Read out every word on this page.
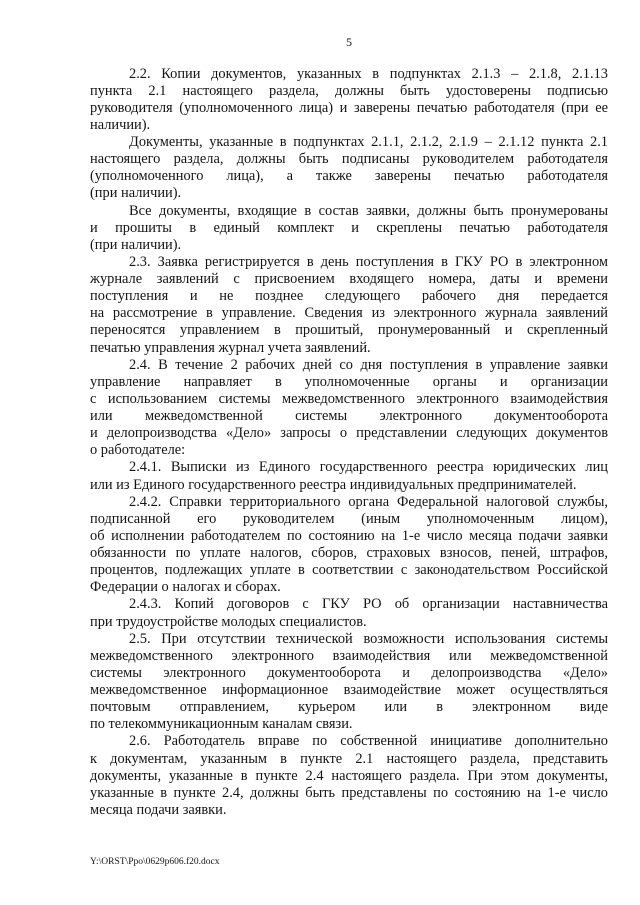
5
2.2. Копии документов, указанных в подпунктах 2.1.3 – 2.1.8, 2.1.13
пункта 2.1 настоящего раздела, должны быть удостоверены подписью
руководителя (уполномоченного лица) и заверены печатью работодателя (при ее
наличии).
Документы, указанные в подпунктах 2.1.1, 2.1.2, 2.1.9 – 2.1.12 пункта 2.1
настоящего раздела, должны быть подписаны руководителем работодателя
(уполномоченного лица), а также заверены печатью работодателя
(при наличии).
Все документы, входящие в состав заявки, должны быть пронумерованы
и прошиты в единый комплект и скреплены печатью работодателя
(при наличии).
2.3. Заявка регистрируется в день поступления в ГКУ РО в электронном
журнале заявлений с присвоением входящего номера, даты и времени
поступления и не позднее следующего рабочего дня передается
на рассмотрение в управление. Сведения из электронного журнала заявлений
переносятся управлением в прошитый, пронумерованный и скрепленный
печатью управления журнал учета заявлений.
2.4. В течение 2 рабочих дней со дня поступления в управление заявки
управление направляет в уполномоченные органы и организации
с использованием системы межведомственного электронного взаимодействия
или межведомственной системы электронного документооборота
и делопроизводства «Дело» запросы о представлении следующих документов
о работодателе:
2.4.1. Выписки из Единого государственного реестра юридических лиц
или из Единого государственного реестра индивидуальных предпринимателей.
2.4.2. Справки территориального органа Федеральной налоговой службы,
подписанной его руководителем (иным уполномоченным лицом),
об исполнении работодателем по состоянию на 1-е число месяца подачи заявки
обязанности по уплате налогов, сборов, страховых взносов, пеней, штрафов,
процентов, подлежащих уплате в соответствии с законодательством Российской
Федерации о налогах и сборах.
2.4.3. Копий договоров с ГКУ РО об организации наставничества
при трудоустройстве молодых специалистов.
2.5. При отсутствии технической возможности использования системы
межведомственного электронного взаимодействия или межведомственной
системы электронного документооборота и делопроизводства «Дело»
межведомственное информационное взаимодействие может осуществляться
почтовым отправлением, курьером или в электронном виде
по телекоммуникационным каналам связи.
2.6. Работодатель вправе по собственной инициативе дополнительно
к документам, указанным в пункте 2.1 настоящего раздела, представить
документы, указанные в пункте 2.4 настоящего раздела. При этом документы,
указанные в пункте 2.4, должны быть представлены по состоянию на 1-е число
месяца подачи заявки.
Y:\ORST\Ppo\0629p606.f20.docx
